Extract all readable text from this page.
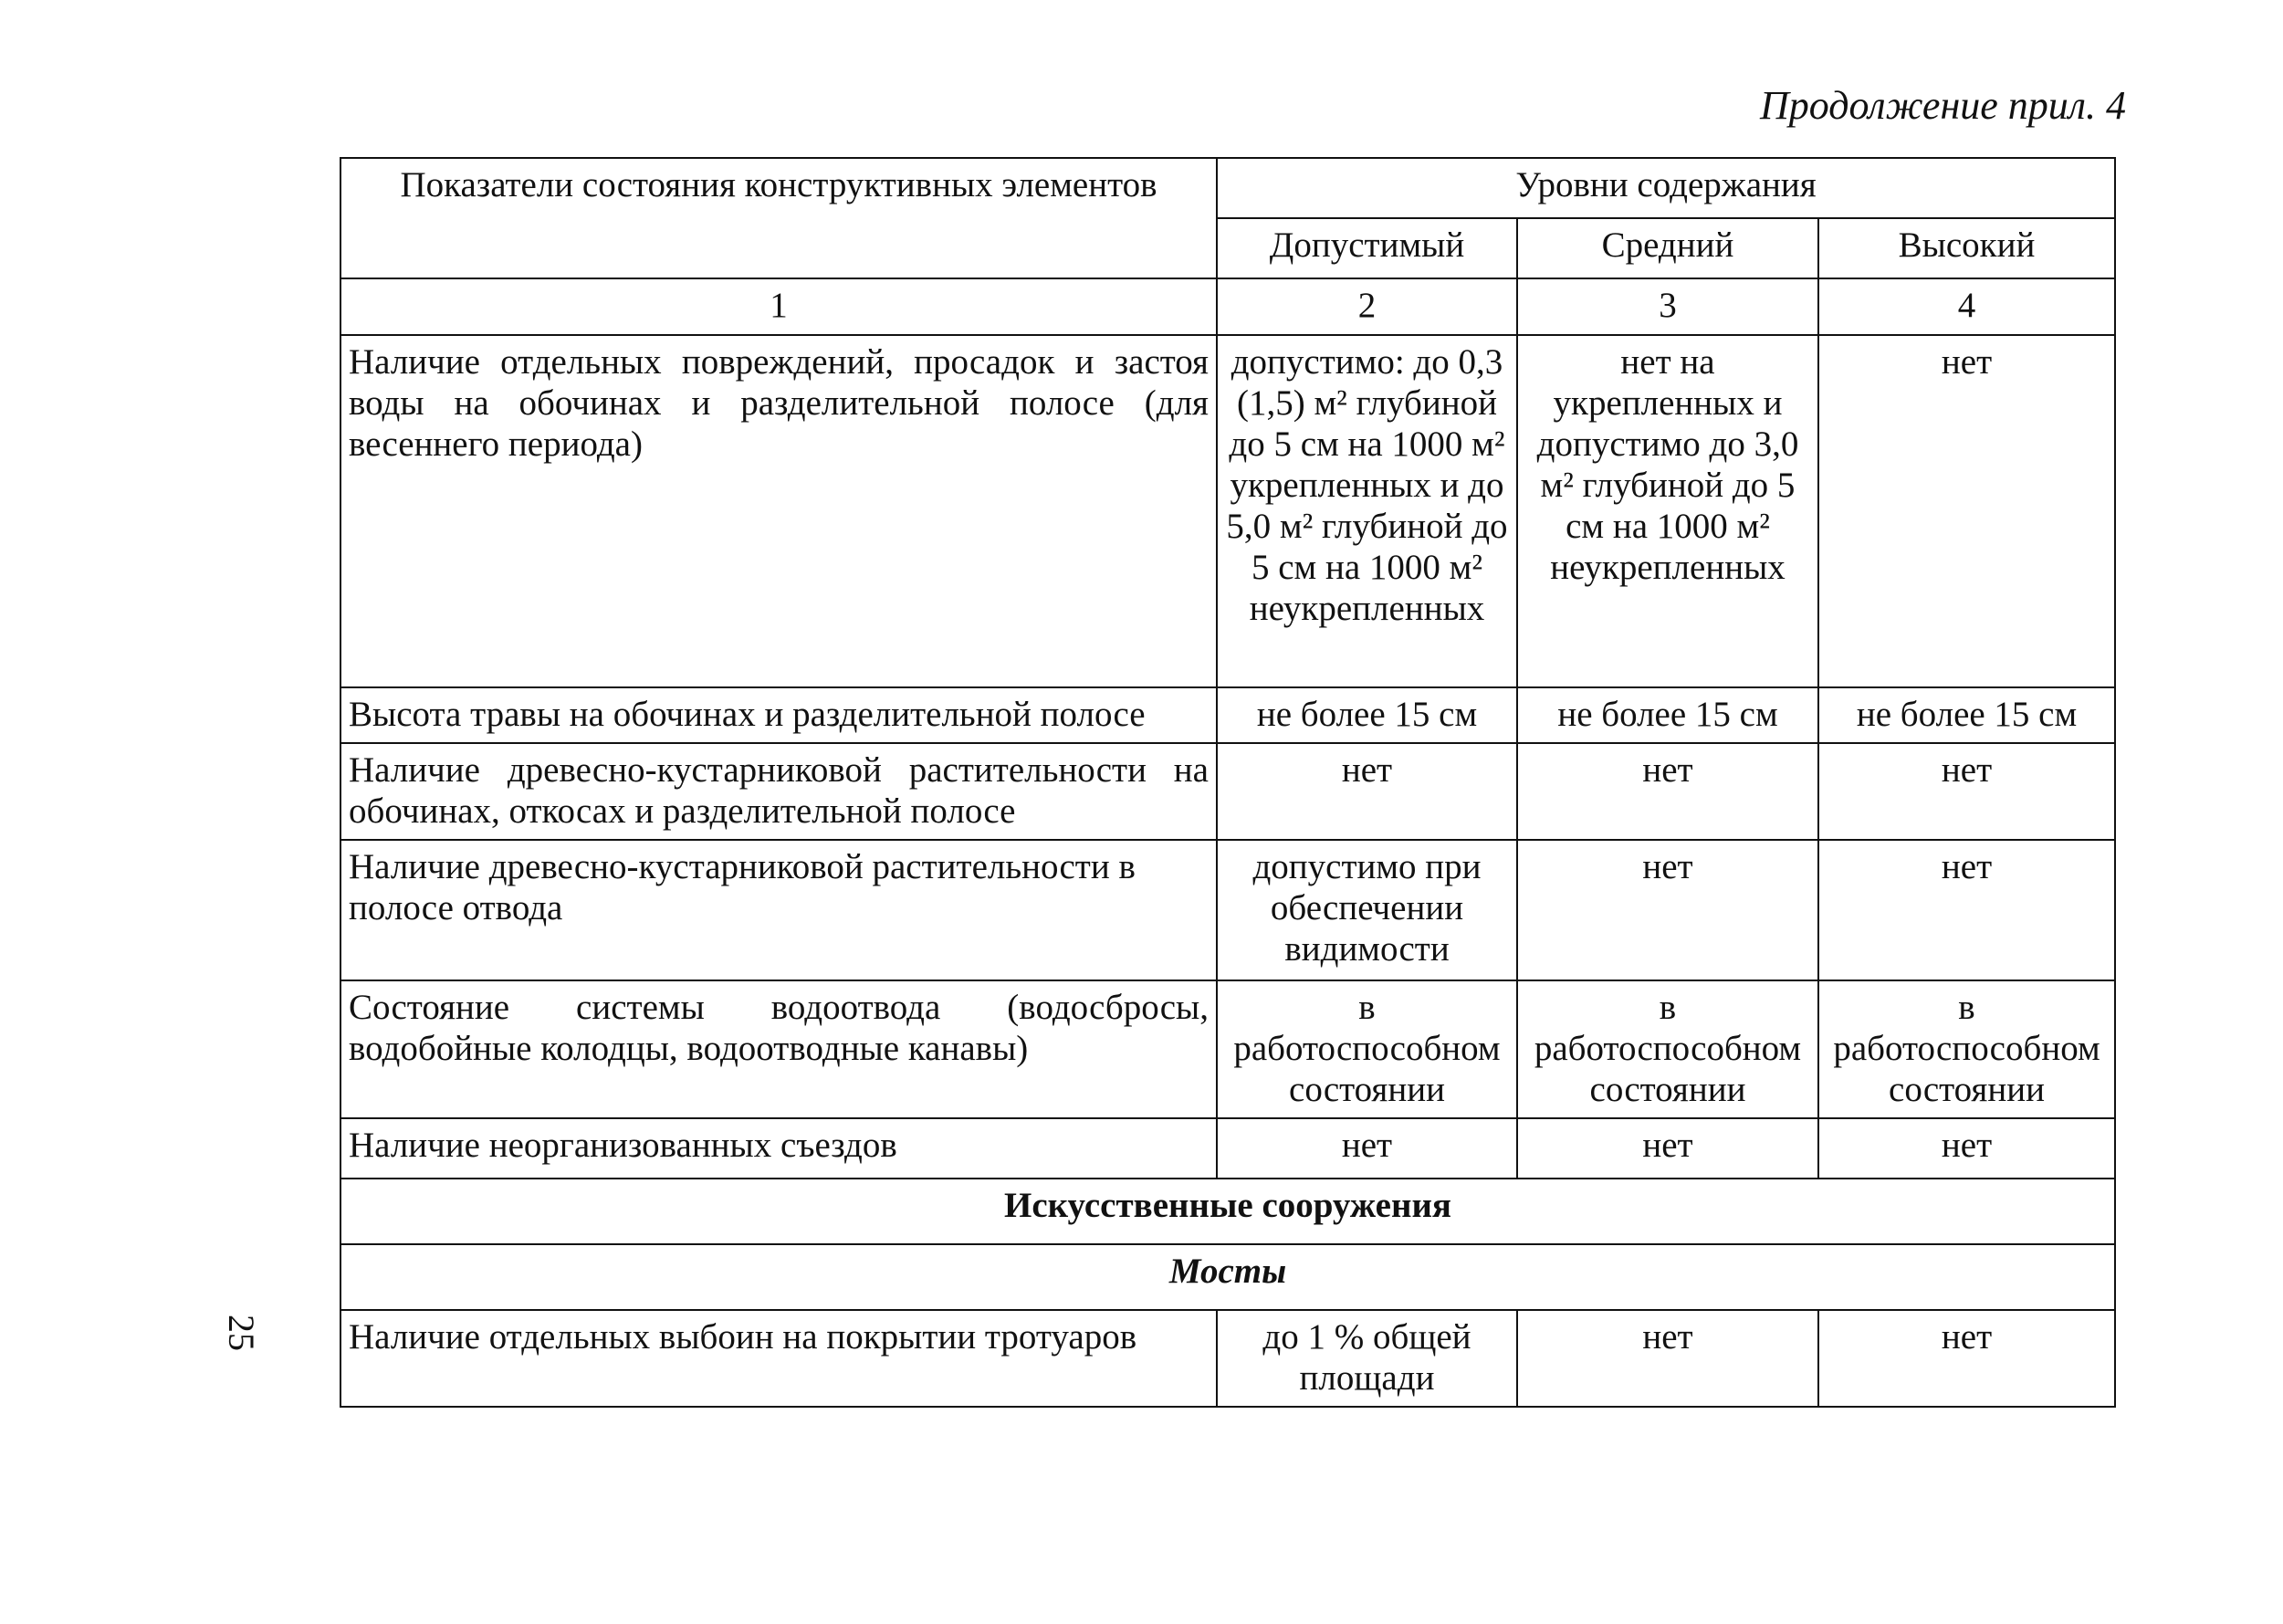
Продолжение прил. 4
25
Показатели состояния конструктивных элементов	Уровни содержания		
	Допустимый	Средний	Высокий
1	2	3	4
Наличие отдельных повреждений, просадок и застоя воды на обочинах и разделительной полосе (для весеннего периода)	допустимо: до 0,3 (1,5) м² глубиной до 5 см на 1000 м² укрепленных и до 5,0 м² глубиной до 5 см на 1000 м² неукрепленных	нет на укрепленных и допустимо до 3,0 м² глубиной до 5 см на 1000 м² неукрепленных	нет
Высота травы на обочинах и разделительной полосе	не более 15 см	не более 15 см	не более 15 см
Наличие древесно-кустарниковой растительности на обочинах, откосах и разделительной полосе	нет	нет	нет
Наличие древесно-кустарниковой растительности в полосе отвода	допустимо при обеспечении видимости	нет	нет
Состояние системы водоотвода (водосбросы, водобойные колодцы, водоотводные канавы)	в работоспособном состоянии	в работоспособном состоянии	в работоспособном состоянии
Наличие неорганизованных съездов	нет	нет	нет
Искусственные сооружения			
Мосты			
Наличие отдельных выбоин на покрытии тротуаров	до 1 % общей площади	нет	нет
